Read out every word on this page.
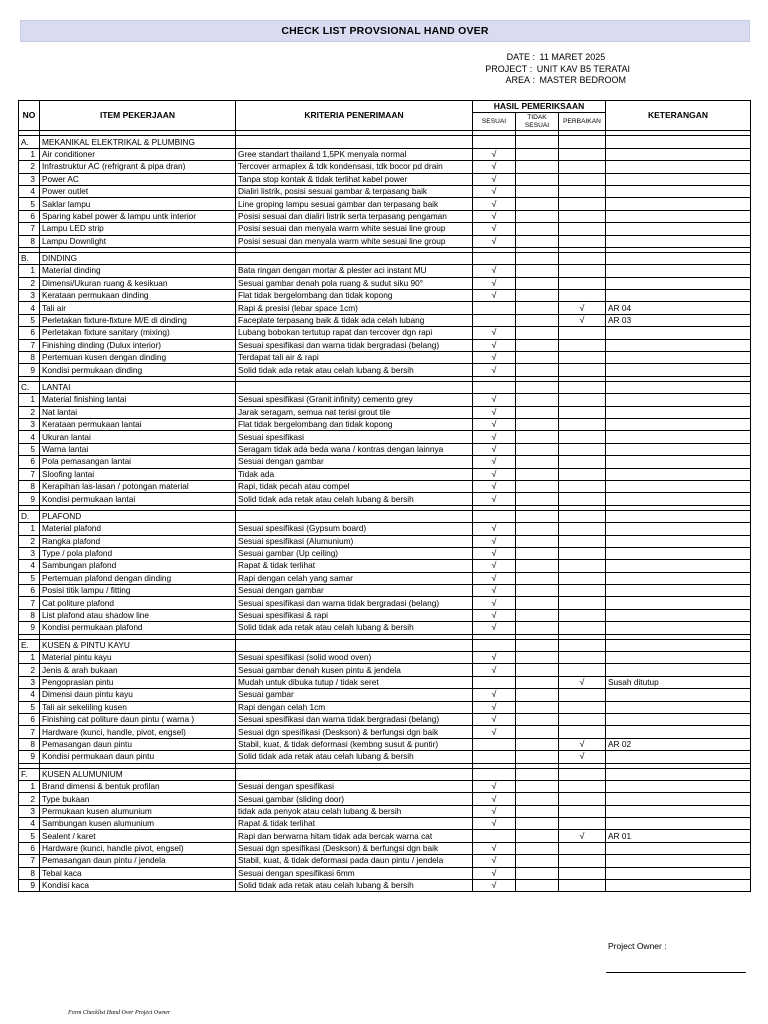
CHECK LIST PROVSIONAL HAND OVER
DATE : 11 MARET 2025
PROJECT : UNIT KAV B5 TERATAI
AREA : MASTER BEDROOM
NO	ITEM PEKERJAAN	KRITERIA PENERIMAAN	HASIL PEMERIKSAAN			KETERANGAN
			SESUAI	TIDAK SESUAI	PERBAIKAN	

A.	MEKANIKAL ELEKTRIKAL & PLUMBING					
1	Air conditioner	Gree standart thailand 1,5PK menyala normal	√			
2	Infrastruktur AC (refrigrant & pipa dran)	Tercover armaplex & tdk kondensasi, tdk bocor pd drain	√			
3	Power AC	Tanpa stop kontak & tidak terlihat kabel power	√			
4	Power outlet	Dialiri listrik, posisi sesuai gambar & terpasang baik	√			
5	Saklar lampu	Line groping lampu sesuai gambar dan terpasang baik	√			
6	Sparing kabel power & lampu untk interior	Posisi sesuai dan dialiri listrik serta terpasang pengaman	√			
7	Lampu LED strip	Posisi sesuai dan menyala warm white sesuai line group	√			
8	Lampu Downlight	Posisi sesuai dan menyala warm white sesuai line group	√			

B.	DINDING					
1	Material dinding	Bata ringan dengan mortar & plester aci instant MU	√			
2	Dimensi/Ukuran ruang & kesikuan	Sesuai gambar denah pola ruang & sudut siku 90°	√			
3	Kerataan permukaan dinding	Flat tidak bergelombang dan tidak kopong	√			
4	Tali air	Rapi & presisi (lebar space 1cm)			√	AR 04
5	Perletakan fixture-fixture M/E di dinding	Faceplate terpasang baik & tidak ada celah lubang			√	AR 03
6	Perletakan fixture sanitary (mixing)	Lubang bobokan tertutup rapat dan tercover dgn rapi	√			
7	Finishing dinding (Dulux interior)	Sesuai spesifikasi dan warna tidak bergradasi (belang)	√			
8	Pertemuan kusen dengan dinding	Terdapat tali air & rapi	√			
9	Kondisi permukaan dinding	Solid tidak ada retak atau celah lubang & bersih	√			

C.	LANTAI					
1	Material finishing lantai	Sesuai spesifikasi (Granit infinity) cemento grey	√			
2	Nat lantai	Jarak seragam, semua nat terisi grout tile	√			
3	Kerataan permukaan lantai	Flat tidak bergelombang dan tidak kopong	√			
4	Ukuran lantai	Sesuai spesifikasi	√			
5	Warna lantai	Seragam tidak ada beda wana / kontras dengan lainnya	√			
6	Pola pemasangan lantai	Sesuai dengan gambar	√			
7	Sloofing lantai	Tidak ada	√			
8	Kerapihan las-lasan / potongan material	Rapi, tidak pecah atau compel	√			
9	Kondisi permukaan lantai	Solid tidak ada retak atau celah lubang & bersih	√			

D.	PLAFOND					
1	Material plafond	Sesuai spesifikasi (Gypsum board)	√			
2	Rangka plafond	Sesuai spesifikasi (Alumunium)	√			
3	Type / pola plafond	Sesuai gambar (Up ceiling)	√			
4	Sambungan plafond	Rapat & tidak terlihat	√			
5	Pertemuan plafond dengan dinding	Rapi dengan celah yang samar	√			
6	Posisi titik lampu / fitting	Sesuai dengan gambar	√			
7	Cat politure plafond	Sesuai spesifikasi dan warna tidak bergradasi (belang)	√			
8	List plafond atau shadow line	Sesuai spesifikasi & rapi	√			
9	Kondisi permukaan plafond	Solid tidak ada retak atau celah lubang & bersih	√			

E.	KUSEN & PINTU KAYU					
1	Material pintu kayu	Sesuai spesifikasi (solid wood oven)	√			
2	Jenis & arah bukaan	Sesuai gambar denah kusen pintu & jendela	√			
3	Pengoprasian pintu	Mudah untuk dibuka tutup / tidak seret			√	Susah ditutup
4	Dimensi daun pintu kayu	Sesuai gambar	√			
5	Tali air sekeliling kusen	Rapi dengan celah 1cm	√			
6	Finishing cat politure daun pintu ( warna )	Sesuai spesifikasi dan warna tidak bergradasi (belang)	√			
7	Hardware (kunci, handle, pivot, engsel)	Sesuai dgn spesifikasi (Deskson) & berfungsi dgn baik	√			
8	Pemasangan daun pintu	Stabil, kuat, & tidak deformasi (kembng susut & puntir)			√	AR 02
9	Kondisi permukaan daun pintu	Solid tidak ada retak atau celah lubang & bersih			√	

F.	KUSEN ALUMUNIUM					
1	Brand dimensi & bentuk profilan	Sesuai dengan spesifikasi	√			
2	Type bukaan	Sesuai gambar (sliding door)	√			
3	Permukaan kusen alumunium	tidak ada penyok atau celah lubang & bersih	√			
4	Sambungan kusen alumunium	Rapat & tidak terlihat	√			
5	Sealent / karet	Rapi dan berwarna hitam tidak ada bercak warna cat			√	AR 01
6	Hardware (kunci, handle pivot, engsel)	Sesuai dgn spesifikasi (Deskson) & berfungsi dgn baik	√			
7	Pemasangan daun pintu / jendela	Stabil, kuat, & tidak deformasi pada daun pintu / jendela	√			
8	Tebal kaca	Sesuai dengan spesifikasi 6mm	√			
9	Kondisi kaca	Solid tidak ada retak atau celah lubang & bersih	√			
Project Owner :
Form Checklist Hand Over Project Owner
